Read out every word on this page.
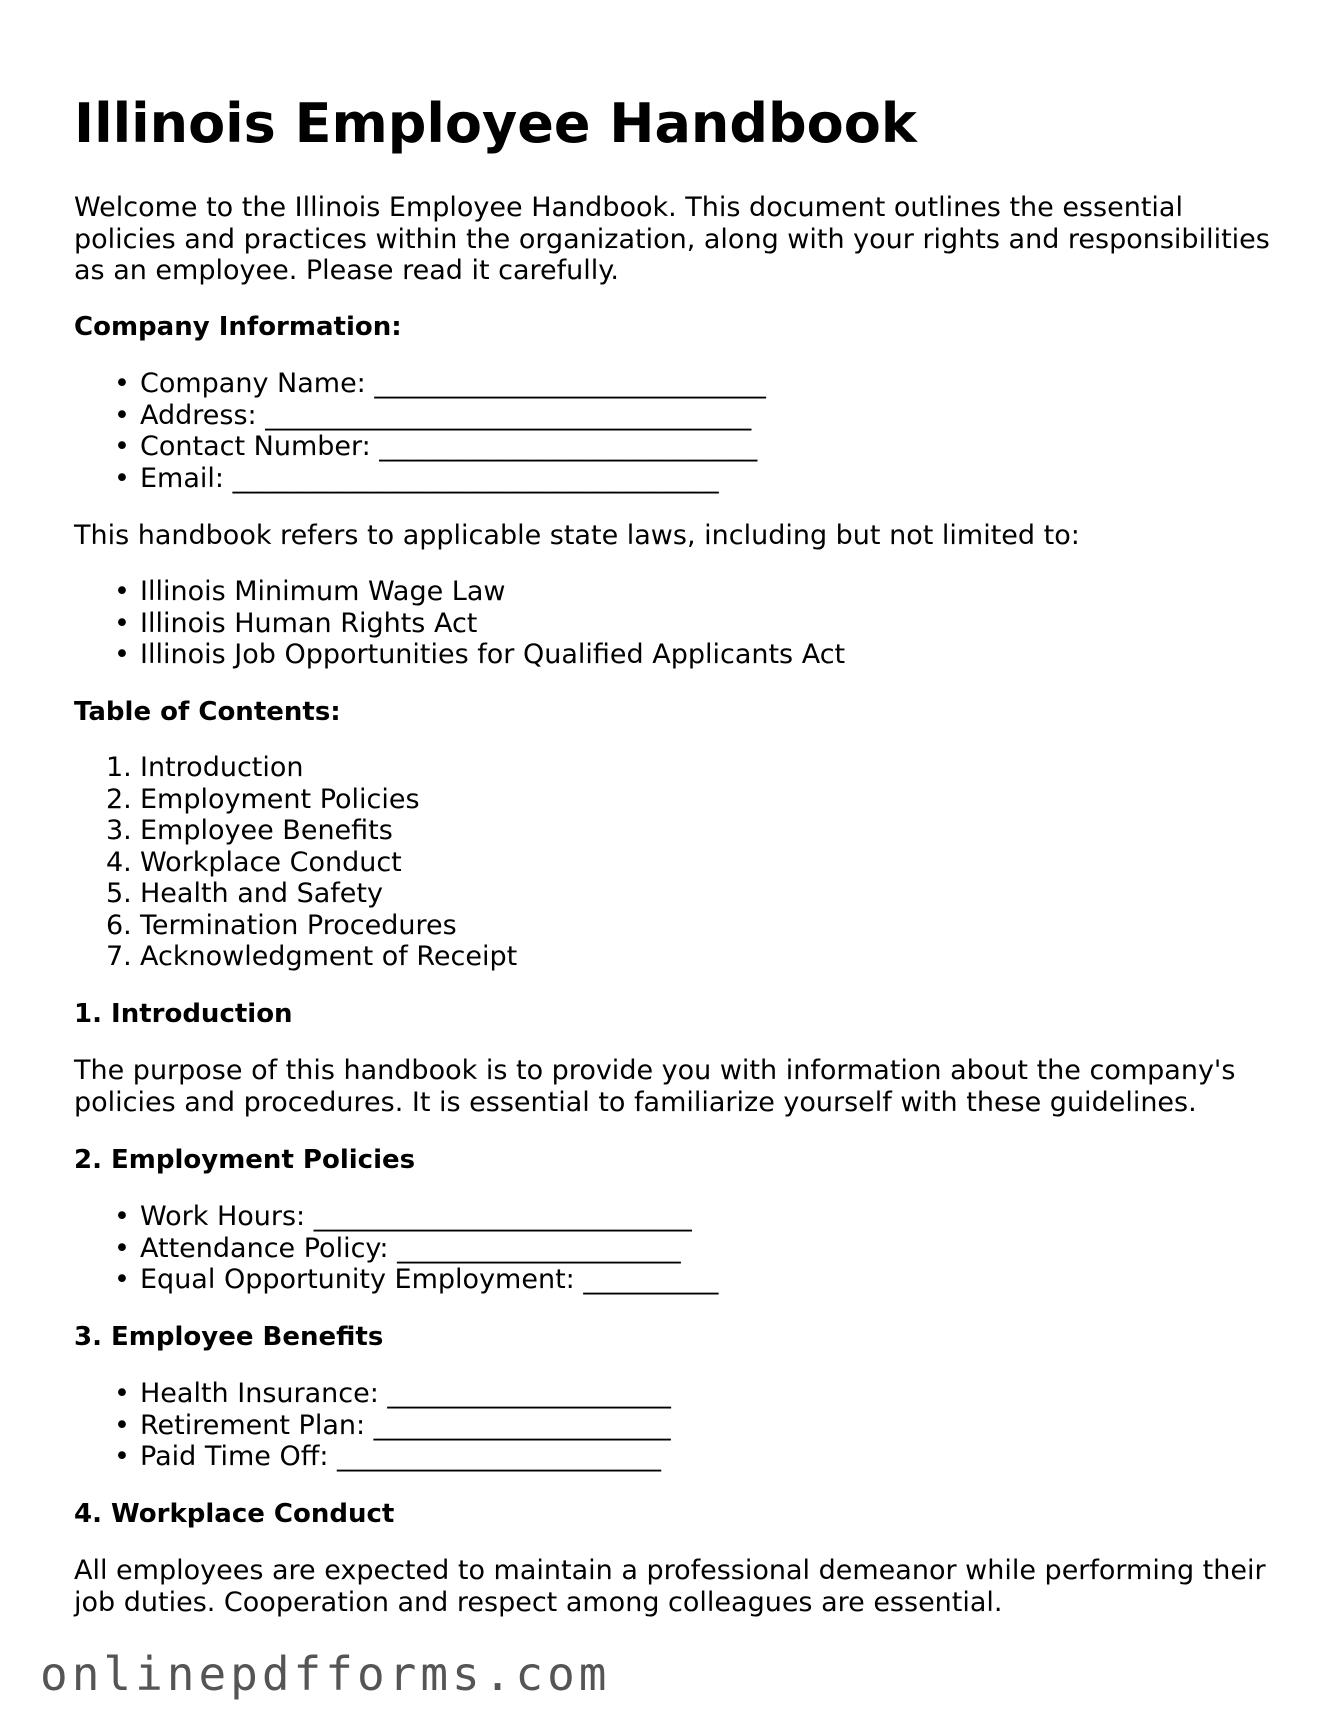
Illinois Employee Handbook

Welcome to the Illinois Employee Handbook. This document outlines the essential policies and practices within the organization, along with your rights and responsibilities as an employee. Please read it carefully.

Company Information:
• Company Name: _____________________________
• Address: ____________________________________
• Contact Number: ____________________________
• Email: ____________________________________

This handbook refers to applicable state laws, including but not limited to:

• Illinois Minimum Wage Law
• Illinois Human Rights Act
• Illinois Job Opportunities for Qualified Applicants Act
Table of Contents:
1. Introduction
2. Employment Policies
3. Employee Benefits
4. Workplace Conduct
5. Health and Safety
6. Termination Procedures
7. Acknowledgment of Receipt
1. Introduction

The purpose of this handbook is to provide you with information about the company's policies and procedures. It is essential to familiarize yourself with these guidelines.

2. Employment Policies
• Work Hours: ____________________________
• Attendance Policy: _____________________
• Equal Opportunity Employment: __________
3. Employee Benefits
• Health Insurance: _____________________
• Retirement Plan: ______________________
• Paid Time Off: ________________________
4. Workplace Conduct

All employees are expected to maintain a professional demeanor while performing their job duties. Cooperation and respect among colleagues are essential.

onlinepdfforms.com
